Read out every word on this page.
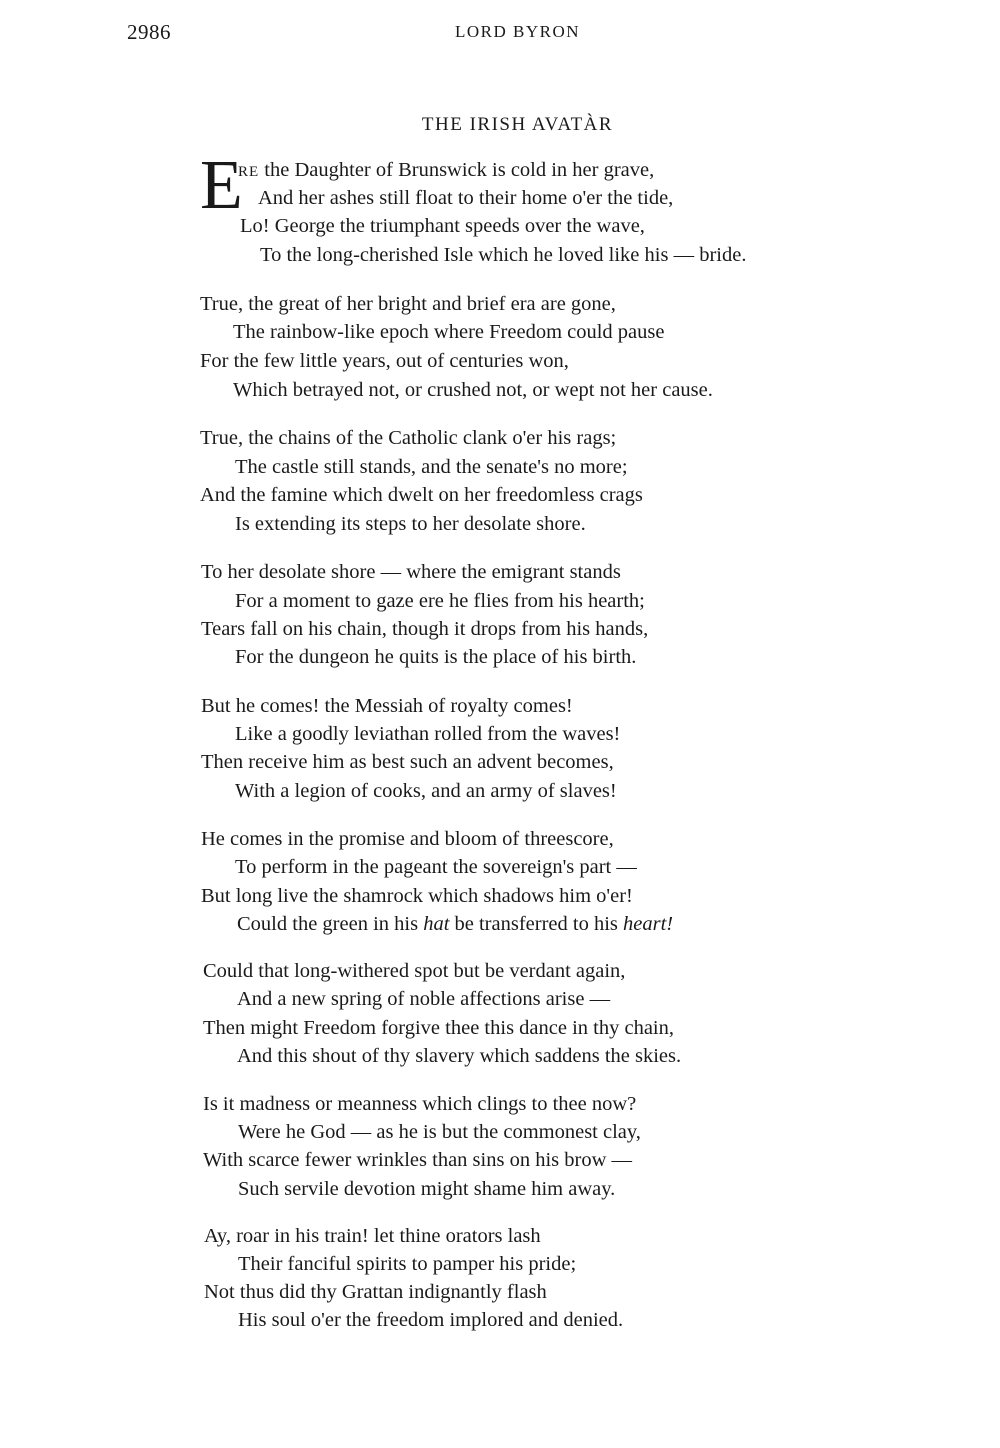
2986	LORD BYRON
THE IRISH AVATÀR
E
RE the Daughter of Brunswick is cold in her grave,
And her ashes still float to their home o'er the tide,
Lo! George the triumphant speeds over the wave,
To the long-cherished Isle which he loved like his — bride.
True, the great of her bright and brief era are gone,
The rainbow-like epoch where Freedom could pause
For the few little years, out of centuries won,
Which betrayed not, or crushed not, or wept not her cause.
True, the chains of the Catholic clank o'er his rags;
The castle still stands, and the senate's no more;
And the famine which dwelt on her freedomless crags
Is extending its steps to her desolate shore.
To her desolate shore — where the emigrant stands
For a moment to gaze ere he flies from his hearth;
Tears fall on his chain, though it drops from his hands,
For the dungeon he quits is the place of his birth.
But he comes! the Messiah of royalty comes!
Like a goodly leviathan rolled from the waves!
Then receive him as best such an advent becomes,
With a legion of cooks, and an army of slaves!
He comes in the promise and bloom of threescore,
To perform in the pageant the sovereign's part —
But long live the shamrock which shadows him o'er!
Could the green in his hat be transferred to his heart!
Could that long-withered spot but be verdant again,
And a new spring of noble affections arise —
Then might Freedom forgive thee this dance in thy chain,
And this shout of thy slavery which saddens the skies.
Is it madness or meanness which clings to thee now?
Were he God — as he is but the commonest clay,
With scarce fewer wrinkles than sins on his brow —
Such servile devotion might shame him away.
Ay, roar in his train! let thine orators lash
Their fanciful spirits to pamper his pride;
Not thus did thy Grattan indignantly flash
His soul o'er the freedom implored and denied.
